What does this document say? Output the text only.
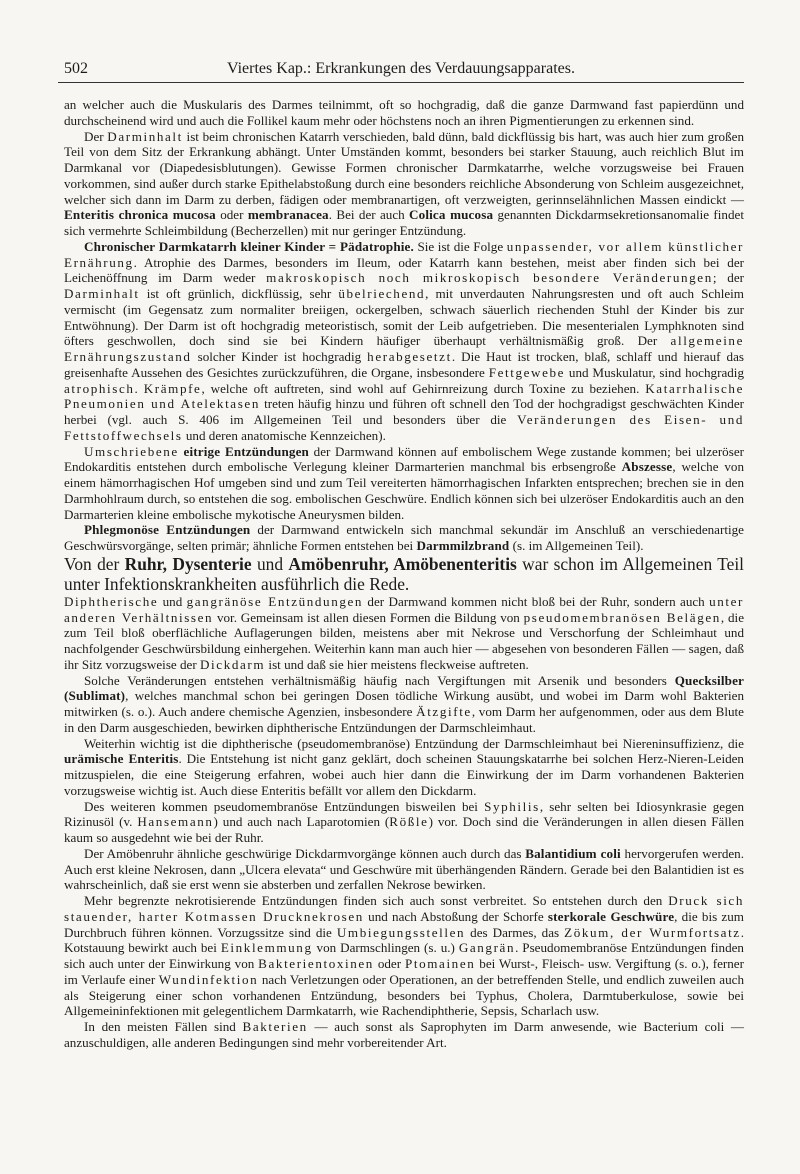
502	Viertes Kap.: Erkrankungen des Verdauungsapparates.

an welcher auch die Muskularis des Darmes teilnimmt, oft so hochgradig, daß die ganze Darmwand fast papierdünn und durchscheinend wird und auch die Follikel kaum mehr oder höchstens noch an ihren Pigmentierungen zu erkennen sind.

Der Darminhalt ist beim chronischen Katarrh verschieden, bald dünn, bald dickflüssig bis hart, was auch hier zum großen Teil von dem Sitz der Erkrankung abhängt. Unter Umständen kommt, besonders bei starker Stauung, auch reichlich Blut im Darmkanal vor (Diapedesisblutungen). Gewisse Formen chronischer Darmkatarrhe, welche vorzugsweise bei Frauen vorkommen, sind außer durch starke Epithelabstoßung durch eine besonders reichliche Absonderung von Schleim ausgezeichnet, welcher sich dann im Darm zu derben, fädigen oder membranartigen, oft verzweigten, gerinnselähnlichen Massen eindickt — Enteritis chronica mucosa oder membranacea. Bei der auch Colica mucosa genannten Dickdarmsekretionsanomalie findet sich vermehrte Schleimbildung (Becherzellen) mit nur geringer Entzündung.

Chronischer Darmkatarrh kleiner Kinder = Pädatrophie. Sie ist die Folge unpassender, vor allem künstlicher Ernährung. Atrophie des Darmes, besonders im Ileum, oder Katarrh kann bestehen, meist aber finden sich bei der Leichenöffnung im Darm weder makroskopisch noch mikroskopisch besondere Veränderungen; der Darminhalt ist oft grünlich, dickflüssig, sehr übelriechend, mit unverdauten Nahrungsresten und oft auch Schleim vermischt (im Gegensatz zum normaliter breiigen, ockergelben, schwach säuerlich riechenden Stuhl der Kinder bis zur Entwöhnung). Der Darm ist oft hochgradig meteoristisch, somit der Leib aufgetrieben. Die mesenterialen Lymphknoten sind öfters geschwollen, doch sind sie bei Kindern häufiger überhaupt verhältnismäßig groß. Der allgemeine Ernährungszustand solcher Kinder ist hochgradig herabgesetzt. Die Haut ist trocken, blaß, schlaff und hierauf das greisenhafte Aussehen des Gesichtes zurückzuführen, die Organe, insbesondere Fettgewebe und Muskulatur, sind hochgradig atrophisch. Krämpfe, welche oft auftreten, sind wohl auf Gehirnreizung durch Toxine zu beziehen. Katarrhalische Pneumonien und Atelektasen treten häufig hinzu und führen oft schnell den Tod der hochgradigst geschwächten Kinder herbei (vgl. auch S. 406 im Allgemeinen Teil und besonders über die Veränderungen des Eisen- und Fettstoffwechsels und deren anatomische Kennzeichen).

Umschriebene eitrige Entzündungen der Darmwand können auf embolischem Wege zustande kommen; bei ulzeröser Endokarditis entstehen durch embolische Verlegung kleiner Darmarterien manchmal bis erbsengroße Abszesse, welche von einem hämorrhagischen Hof umgeben sind und zum Teil vereiterten hämorrhagischen Infarkten entsprechen; brechen sie in den Darmhohlraum durch, so entstehen die sog. embolischen Geschwüre. Endlich können sich bei ulzeröser Endokarditis auch an den Darmarterien kleine embolische mykotische Aneurysmen bilden.

Phlegmonöse Entzündungen der Darmwand entwickeln sich manchmal sekundär im Anschluß an verschiedenartige Geschwürsvorgänge, selten primär; ähnliche Formen entstehen bei Darmmilzbrand (s. im Allgemeinen Teil).

Von der Ruhr, Dysenterie und Amöbenruhr, Amöbenenteritis war schon im Allgemeinen Teil unter Infektionskrankheiten ausführlich die Rede.

Diphtherische und gangränöse Entzündungen der Darmwand kommen nicht bloß bei der Ruhr, sondern auch unter anderen Verhältnissen vor. Gemeinsam ist allen diesen Formen die Bildung von pseudomembranösen Belägen, die zum Teil bloß oberflächliche Auflagerungen bilden, meistens aber mit Nekrose und Verschorfung der Schleimhaut und nachfolgender Geschwürsbildung einhergehen. Weiterhin kann man auch hier — abgesehen von besonderen Fällen — sagen, daß ihr Sitz vorzugsweise der Dickdarm ist und daß sie hier meistens fleckweise auftreten.

Solche Veränderungen entstehen verhältnismäßig häufig nach Vergiftungen mit Arsenik und besonders Quecksilber (Sublimat), welches manchmal schon bei geringen Dosen tödliche Wirkung ausübt, und wobei im Darm wohl Bakterien mitwirken (s. o.). Auch andere chemische Agenzien, insbesondere Ätzgifte, vom Darm her aufgenommen, oder aus dem Blute in den Darm ausgeschieden, bewirken diphtherische Entzündungen der Darmschleimhaut.

Weiterhin wichtig ist die diphtherische (pseudomembranöse) Entzündung der Darmschleimhaut bei Niereninsuffizienz, die urämische Enteritis. Die Entstehung ist nicht ganz geklärt, doch scheinen Stauungskatarrhe bei solchen Herz-Nieren-Leiden mitzuspielen, die eine Steigerung erfahren, wobei auch hier dann die Einwirkung der im Darm vorhandenen Bakterien vorzugsweise wichtig ist. Auch diese Enteritis befällt vor allem den Dickdarm.

Des weiteren kommen pseudomembranöse Entzündungen bisweilen bei Syphilis, sehr selten bei Idiosynkrasie gegen Rizinusöl (v. Hansemann) und auch nach Laparotomien (Rößle) vor. Doch sind die Veränderungen in allen diesen Fällen kaum so ausgedehnt wie bei der Ruhr.

Der Amöbenruhr ähnliche geschwürige Dickdarmvorgänge können auch durch das Balantidium coli hervorgerufen werden. Auch erst kleine Nekrosen, dann „Ulcera elevata“ und Geschwüre mit überhängenden Rändern. Gerade bei den Balantidien ist es wahrscheinlich, daß sie erst wenn sie absterben und zerfallen Nekrose bewirken.

Mehr begrenzte nekrotisierende Entzündungen finden sich auch sonst verbreitet. So entstehen durch den Druck sich stauender, harter Kotmassen Drucknekrosen und nach Abstoßung der Schorfe sterkorale Geschwüre, die bis zum Durchbruch führen können. Vorzugssitze sind die Umbiegungsstellen des Darmes, das Zökum, der Wurmfortsatz. Kotstauung bewirkt auch bei Einklemmung von Darmschlingen (s. u.) Gangrän. Pseudomembranöse Entzündungen finden sich auch unter der Einwirkung von Bakterientoxinen oder Ptomainen bei Wurst-, Fleisch- usw. Vergiftung (s. o.), ferner im Verlaufe einer Wundinfektion nach Verletzungen oder Operationen, an der betreffenden Stelle, und endlich zuweilen auch als Steigerung einer schon vorhandenen Entzündung, besonders bei Typhus, Cholera, Darmtuberkulose, sowie bei Allgemeininfektionen mit gelegentlichem Darmkatarrh, wie Rachendiphtherie, Sepsis, Scharlach usw.

In den meisten Fällen sind Bakterien — auch sonst als Saprophyten im Darm anwesende, wie Bacterium coli — anzuschuldigen, alle anderen Bedingungen sind mehr vorbereitender Art.
